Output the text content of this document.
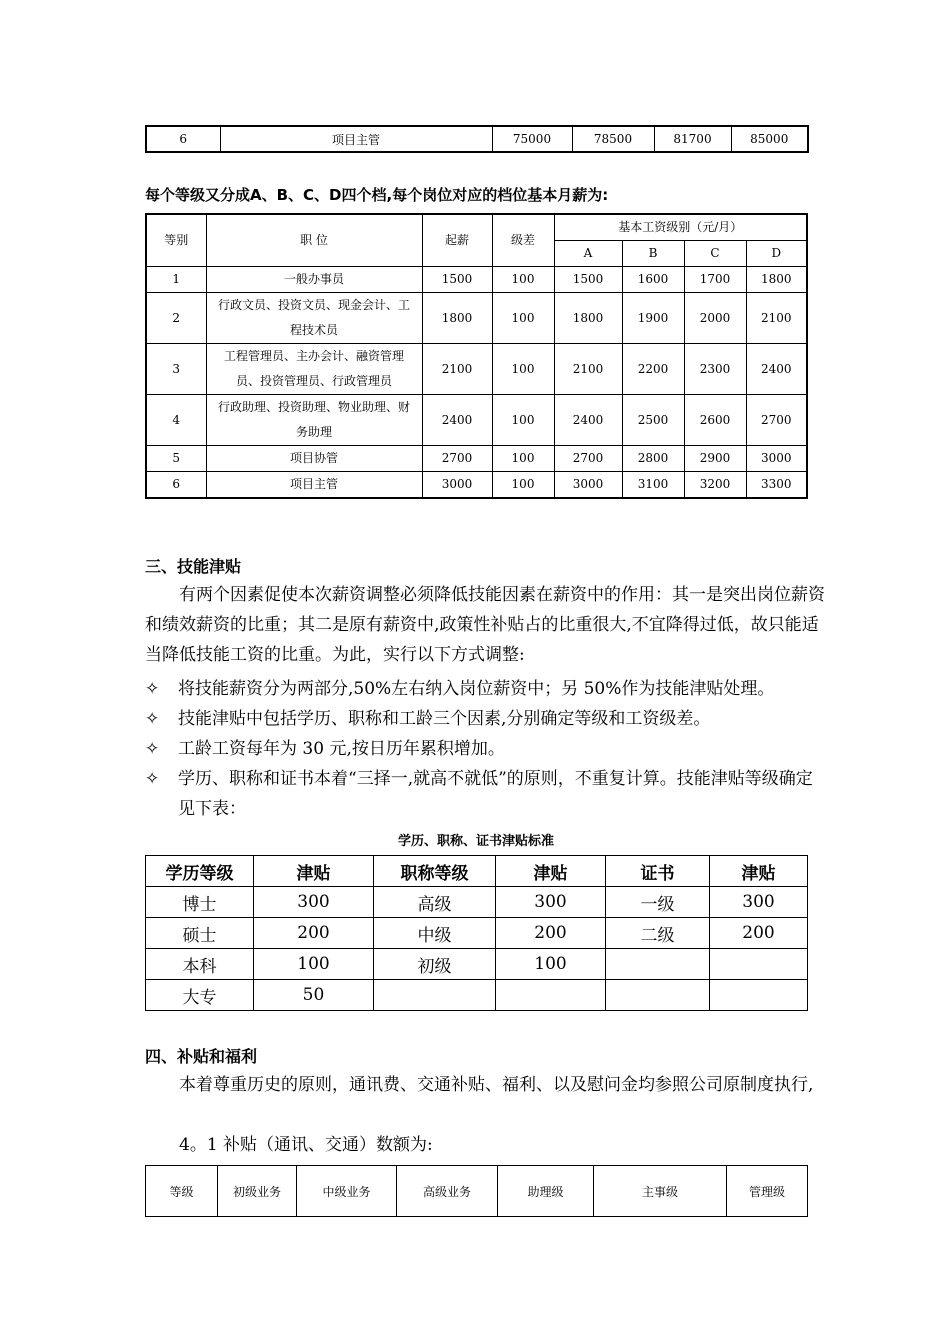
6	项目主管	75000	78500	81700	85000
每个等级又分成A、B、C、D四个档,每个岗位对应的档位基本月薪为:
等别	职 位	起薪	级差	基本工资级别（元/月）			
				A	B	C	D
1	一般办事员	1500	100	1500	1600	1700	1800
2	行政文员、投资文员、现金会计、工程技术员	1800	100	1800	1900	2000	2100
3	工程管理员、主办会计、融资管理员、投资管理员、行政管理员	2100	100	2100	2200	2300	2400
4	行政助理、投资助理、物业助理、财务助理	2400	100	2400	2500	2600	2700
5	项目协管	2700	100	2700	2800	2900	3000
6	项目主管	3000	100	3000	3100	3200	3300
三、技能津贴
有两个因素促使本次薪资调整必须降低技能因素在薪资中的作用：其一是突出岗位薪资和绩效薪资的比重；其二是原有薪资中,政策性补贴占的比重很大,不宜降得过低，故只能适当降低技能工资的比重。为此，实行以下方式调整:
✧ 将技能薪资分为两部分,50%左右纳入岗位薪资中；另 50%作为技能津贴处理。
✧ 技能津贴中包括学历、职称和工龄三个因素,分别确定等级和工资级差。
✧ 工龄工资每年为 30 元,按日历年累积增加。
✧ 学历、职称和证书本着“三择一,就高不就低”的原则，不重复计算。技能津贴等级确定见下表：
学历、职称、证书津贴标准
学历等级	津贴	职称等级	津贴	证书	津贴
博士	300	高级	300	一级	300
硕士	200	中级	200	二级	200
本科	100	初级	100		
大专	50				
四、补贴和福利
本着尊重历史的原则，通讯费、交通补贴、福利、以及慰问金均参照公司原制度执行,
4。1 补贴（通讯、交通）数额为:
等级	初级业务	中级业务	高级业务	助理级	主事级	管理级
